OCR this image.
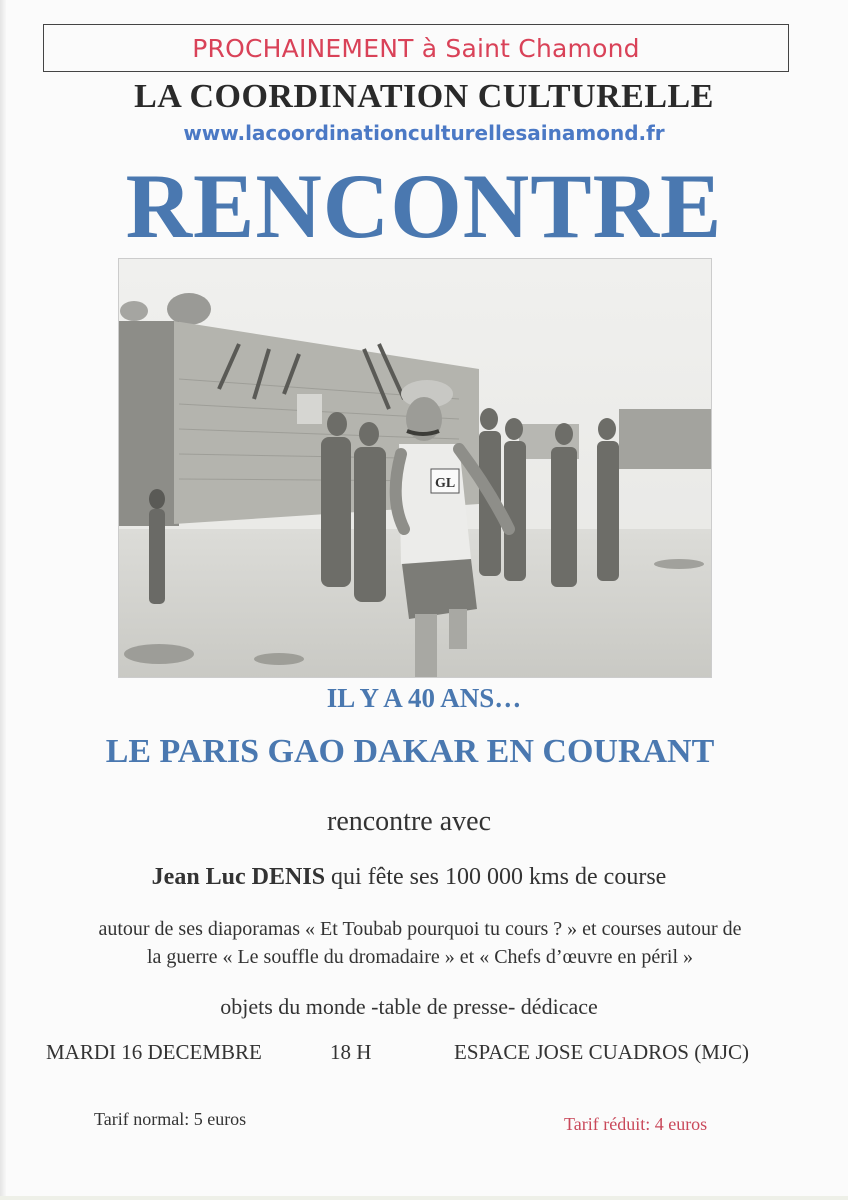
PROCHAINEMENT à Saint Chamond
LA COORDINATION CULTURELLE
www.lacoordinationculturellesainamond.fr
RENCONTRE
GL
IL Y A 40 ANS…
LE PARIS GAO DAKAR EN COURANT
rencontre avec
Jean Luc DENIS qui fête ses 100 000 kms de course
autour de ses diaporamas « Et Toubab pourquoi tu cours ? » et courses autour de
la guerre « Le souffle du dromadaire » et « Chefs d’œuvre en péril »
objets du monde -table de presse- dédicace
MARDI 16 DECEMBRE	18 H	ESPACE JOSE CUADROS (MJC)
Tarif normal: 5 euros	Tarif réduit: 4 euros
